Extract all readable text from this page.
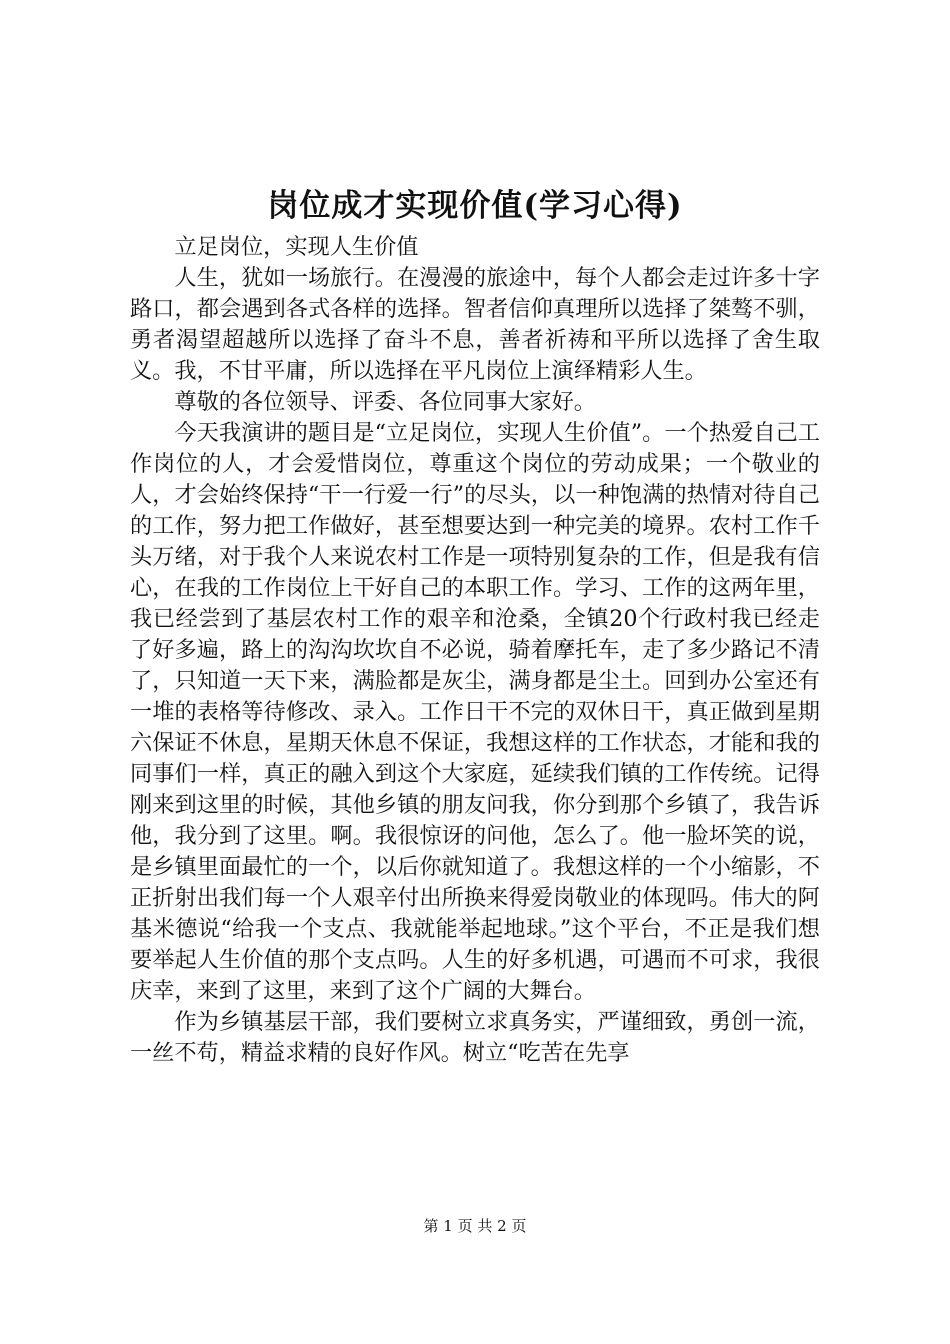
岗位成才实现价值(学习心得)

立足岗位，实现人生价值

人生，犹如一场旅行。在漫漫的旅途中，每个人都会走过许多十字路口，都会遇到各式各样的选择。智者信仰真理所以选择了桀骜不驯，勇者渴望超越所以选择了奋斗不息，善者祈祷和平所以选择了舍生取义。我，不甘平庸，所以选择在平凡岗位上演绎精彩人生。

尊敬的各位领导、评委、各位同事大家好。

今天我演讲的题目是“立足岗位，实现人生价值”。一个热爱自己工作岗位的人，才会爱惜岗位，尊重这个岗位的劳动成果；一个敬业的人，才会始终保持“干一行爱一行”的尽头，以一种饱满的热情对待自己的工作，努力把工作做好，甚至想要达到一种完美的境界。农村工作千头万绪，对于我个人来说农村工作是一项特别复杂的工作，但是我有信心，在我的工作岗位上干好自己的本职工作。学习、工作的这两年里，我已经尝到了基层农村工作的艰辛和沧桑，全镇20个行政村我已经走了好多遍，路上的沟沟坎坎自不必说，骑着摩托车，走了多少路记不清了，只知道一天下来，满脸都是灰尘，满身都是尘土。回到办公室还有一堆的表格等待修改、录入。工作日干不完的双休日干，真正做到星期六保证不休息，星期天休息不保证，我想这样的工作状态，才能和我的同事们一样，真正的融入到这个大家庭，延续我们镇的工作传统。记得刚来到这里的时候，其他乡镇的朋友问我，你分到那个乡镇了，我告诉他，我分到了这里。啊。我很惊讶的问他，怎么了。他一脸坏笑的说，是乡镇里面最忙的一个，以后你就知道了。我想这样的一个小缩影，不正折射出我们每一个人艰辛付出所换来得爱岗敬业的体现吗。伟大的阿基米德说“给我一个支点、我就能举起地球。”这个平台，不正是我们想要举起人生价值的那个支点吗。人生的好多机遇，可遇而不可求，我很庆幸，来到了这里，来到了这个广阔的大舞台。

作为乡镇基层干部，我们要树立求真务实，严谨细致，勇创一流，一丝不苟，精益求精的良好作风。树立“吃苦在先享

第 1 页 共 2 页
